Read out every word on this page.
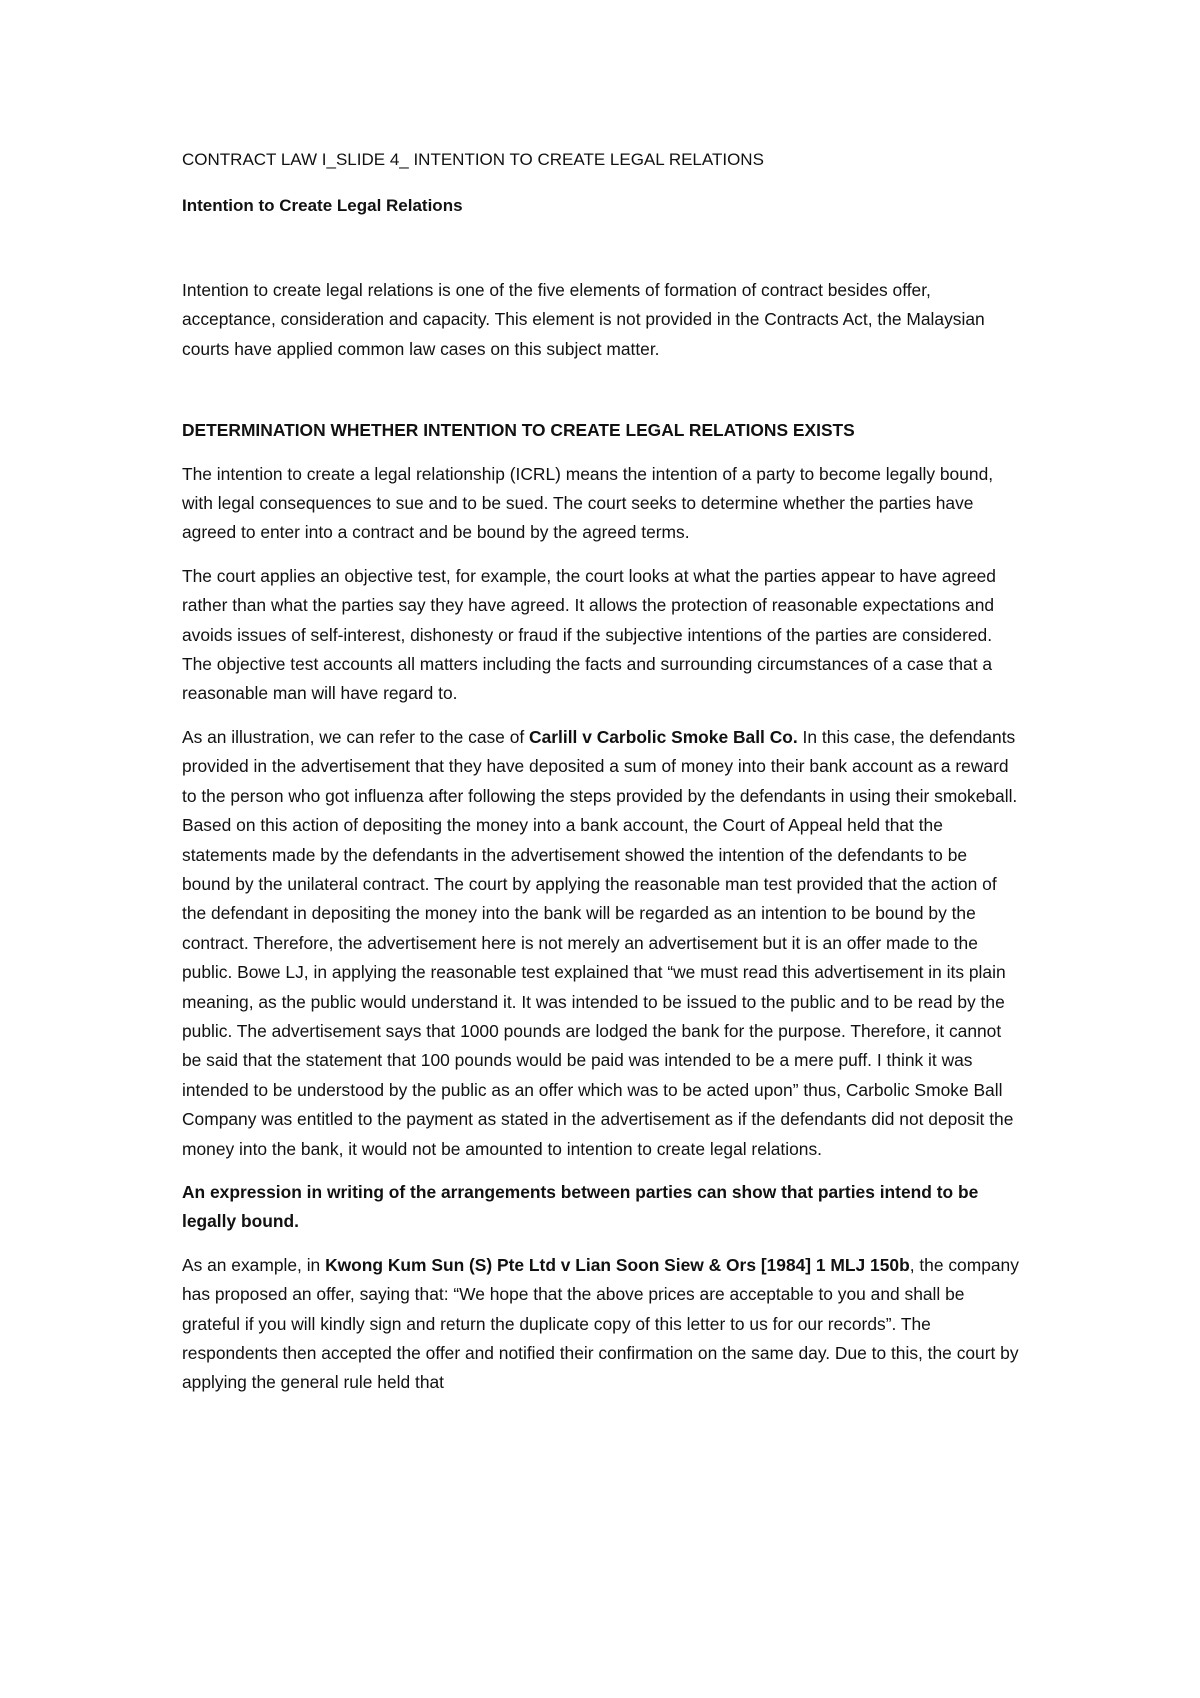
CONTRACT LAW I_SLIDE 4_ INTENTION TO CREATE LEGAL RELATIONS

Intention to Create Legal Relations

Intention to create legal relations is one of the five elements of formation of contract besides offer, acceptance, consideration and capacity. This element is not provided in the Contracts Act, the Malaysian courts have applied common law cases on this subject matter.

DETERMINATION WHETHER INTENTION TO CREATE LEGAL RELATIONS EXISTS

The intention to create a legal relationship (ICRL) means the intention of a party to become legally bound, with legal consequences to sue and to be sued. The court seeks to determine whether the parties have agreed to enter into a contract and be bound by the agreed terms.

The court applies an objective test, for example, the court looks at what the parties appear to have agreed rather than what the parties say they have agreed. It allows the protection of reasonable expectations and avoids issues of self-interest, dishonesty or fraud if the subjective intentions of the parties are considered. The objective test accounts all matters including the facts and surrounding circumstances of a case that a reasonable man will have regard to.

As an illustration, we can refer to the case of Carlill v Carbolic Smoke Ball Co. In this case, the defendants provided in the advertisement that they have deposited a sum of money into their bank account as a reward to the person who got influenza after following the steps provided by the defendants in using their smokeball. Based on this action of depositing the money into a bank account, the Court of Appeal held that the statements made by the defendants in the advertisement showed the intention of the defendants to be bound by the unilateral contract. The court by applying the reasonable man test provided that the action of the defendant in depositing the money into the bank will be regarded as an intention to be bound by the contract. Therefore, the advertisement here is not merely an advertisement but it is an offer made to the public. Bowe LJ, in applying the reasonable test explained that “we must read this advertisement in its plain meaning, as the public would understand it. It was intended to be issued to the public and to be read by the public. The advertisement says that 1000 pounds are lodged the bank for the purpose. Therefore, it cannot be said that the statement that 100 pounds would be paid was intended to be a mere puff. I think it was intended to be understood by the public as an offer which was to be acted upon” thus, Carbolic Smoke Ball Company was entitled to the payment as stated in the advertisement as if the defendants did not deposit the money into the bank, it would not be amounted to intention to create legal relations.

An expression in writing of the arrangements between parties can show that parties intend to be legally bound.

As an example, in Kwong Kum Sun (S) Pte Ltd v Lian Soon Siew & Ors [1984] 1 MLJ 150b, the company has proposed an offer, saying that: “We hope that the above prices are acceptable to you and shall be grateful if you will kindly sign and return the duplicate copy of this letter to us for our records”. The respondents then accepted the offer and notified their confirmation on the same day. Due to this, the court by applying the general rule held that
